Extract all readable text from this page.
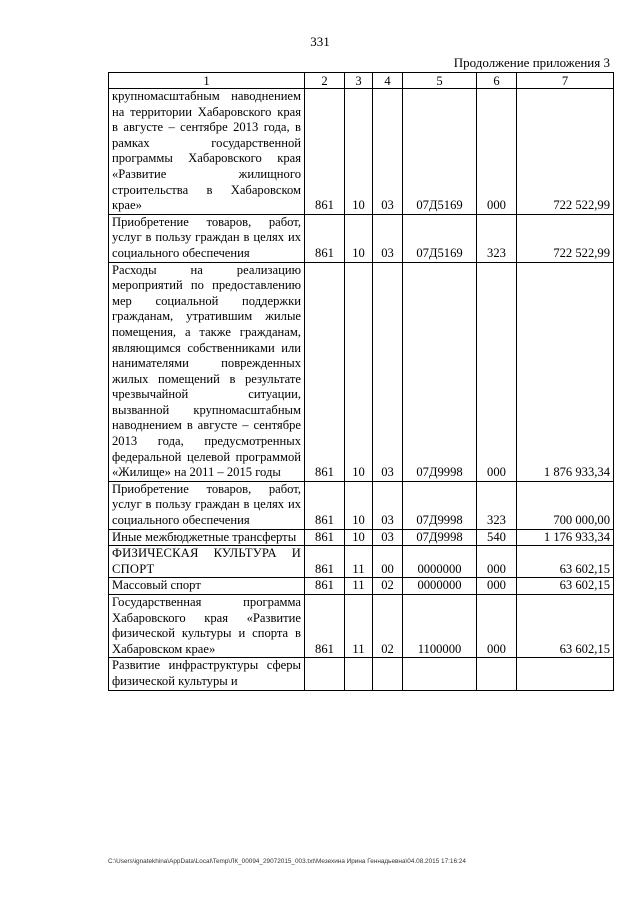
331
Продолжение приложения 3
1	2	3	4	5	6	7
крупномасштабным наводнением на территории Хабаровского края в августе – сентябре 2013 года, в рамках государственной программы Хабаровского края «Развитие жилищного строительства в Хабаровском крае»	861	10	03	07Д5169	000	722 522,99
Приобретение товаров, работ, услуг в пользу граждан в целях их социального обеспечения	861	10	03	07Д5169	323	722 522,99
Расходы на реализацию мероприятий по предоставлению мер социальной поддержки гражданам, утратившим жилые помещения, а также гражданам, являющимся собственниками или нанимателями поврежденных жилых помещений в результате чрезвычайной ситуации, вызванной крупномасштабным наводнением в августе – сентябре 2013 года, предусмотренных федеральной целевой программой «Жилище» на 2011 – 2015 годы	861	10	03	07Д9998	000	1 876 933,34
Приобретение товаров, работ, услуг в пользу граждан в целях их социального обеспечения	861	10	03	07Д9998	323	700 000,00
Иные межбюджетные трансферты	861	10	03	07Д9998	540	1 176 933,34
ФИЗИЧЕСКАЯ КУЛЬТУРА И СПОРТ	861	11	00	0000000	000	63 602,15
Массовый спорт	861	11	02	0000000	000	63 602,15
Государственная программа Хабаровского края «Развитие физической культуры и спорта в Хабаровском крае»	861	11	02	1100000	000	63 602,15
Развитие инфраструктуры сферы физической культуры и						
C:\Users\ignatekhina\AppData\Local\Temp\ЛК_00094_29072015_003.txt\Мезехина Ирина Геннадьевна\04.08.2015 17:16:24
